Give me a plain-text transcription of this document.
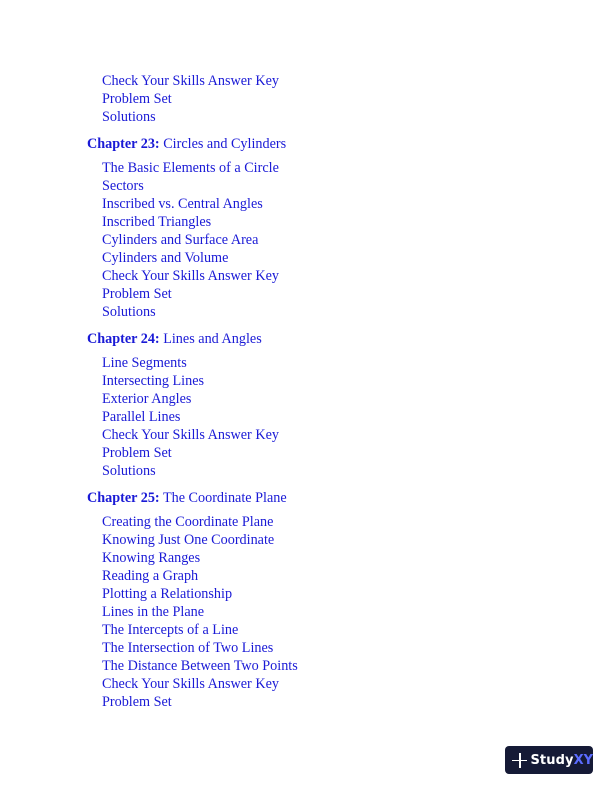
Check Your Skills Answer Key
Problem Set
Solutions
Chapter 23: Circles and Cylinders
The Basic Elements of a Circle
Sectors
Inscribed vs. Central Angles
Inscribed Triangles
Cylinders and Surface Area
Cylinders and Volume
Check Your Skills Answer Key
Problem Set
Solutions
Chapter 24: Lines and Angles
Line Segments
Intersecting Lines
Exterior Angles
Parallel Lines
Check Your Skills Answer Key
Problem Set
Solutions
Chapter 25: The Coordinate Plane
Creating the Coordinate Plane
Knowing Just One Coordinate
Knowing Ranges
Reading a Graph
Plotting a Relationship
Lines in the Plane
The Intercepts of a Line
The Intersection of Two Lines
The Distance Between Two Points
Check Your Skills Answer Key
Problem Set
Study XY
